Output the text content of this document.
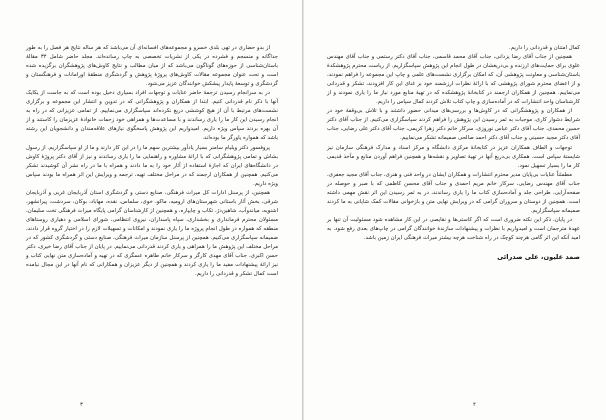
از بدو حضاری در تهی بلدی خسرو و مجموعه‌های افسانه‌ای آن می‌باشد که هر ساله نتایج هر فصل را به طور جداگانه و منسجم و فشرده در یکی از نشریات تخصصی به چاپ رسانده‌اند. مجلد حاضر شامل ۳۴ مقالهٔ باستان‌شناسی از حوزه‌های گوناگون می‌باشد که از میان مطالب و نتایج کاوش‌های پژوهشگران برگزیده شده است و تحت عنوان مجموعه مقالات کاوش‌های پروژهٔ پژوهش و گردشگری منطقهٔ اورامانات و فرهنگستان و گردشگری و توسعهٔ پایدار پیشکش خوانندگان عزیز می‌شود.

در به سرانجام رسیدن ترجمهٔ حاضر عنایات و توجهات افراد بسیاری دخیل بوده است که به جاست از یکایک آنها با ذکر نام قدردانی کنیم. ابتدا از همکاران و پژوهشگرانی که در تدوین و انتشار این مجموعه و برگزاری نشست‌های مرتبط با آن از هیچ کوششی دریغ نکرده‌اند سپاسگزاری می‌نماییم. از تمامی عزیزانی که در راه به انجام رسیدن این کار ما را یاری رساندند و با مساعدت‌ها و همراهی خود زحمات خانوادهٔ عزیزمان را کاستند و از آن بهره بردند سپاس ویژه داریم. امیدواریم این پژوهش پاسخگوی نیازهای علاقه‌مندان و دانشجویان این رشته باشد که همواره یاورگر ما بوده‌اند.

پروفسور دکتر ویلیام سامنر بسیار یادآور بیشترین سهم ما را در این کار دارند و ما از او سپاسگزاریم. از رسول بشاش و تمامی پژوهشگرانی که با ارائهٔ مشاوره و راهنمایی ما را یاری رساندند و نیز از آقای دکتر پروژهٔ کاوش در دانشگاه‌های ایران که اجازهٔ استفاده از آثار خود را به ما دادند و همراه با ما در راه نشر آن کوشیدند تشکر می‌کنیم. همچنین از همکاران ارجمند که در مراحل مختلف تهیه، ترجمه و ویرایش این اثر همراه ما بودند سپاس ویژه داریم.

همچنین، از پرسنل ادارات کل میراث فرهنگی، صنایع دستی و گردشگری استان آذربایجان غربی و آذربایجان شرقی، بخش آثار باستانی شهرستان‌های ارومیه، ماکو، خوی، سلماس، نقده، مهاباد، بوکان، سردشت، پیرانشهر، اشنویه، میاندوآب، شاهین‌دژ، تکاب و چایپاره، و همچنین از کارشناسان گرامی پایگاه میراث فرهنگی تخت سلیمان، مسئولان محترم فرمانداری و بخشداری، سپاه پاسداران، نیروی انتظامی، شورای اسلامی و دهیاری روستاهای منطقه که همواره در طول انجام پروژه ما را یاری نمودند و امکانات و تسهیلات لازم را در اختیار گروه قرار دادند، صمیمانه سپاسگزاری می‌کنیم. همچنین از پرسنل سازمان میراث فرهنگی، صنایع دستی و گردشگری کشور که در مراحل مختلف این پژوهش ما را همراهی و یاری کردند قدردانی می‌نماییم. در پایان از جناب آقای رضا خیری، دکتر حسن اکبری، جناب آقای مهدی کارگر و سرکار خانم طاهره عسگری که در تهیه و آماده‌سازی متن نهایی کتاب و نیز ارائهٔ پیشنهادات مفید ما را یاری کردند و همچنین از دیگر عزیزان و همکارانی که نام آنها در این مجال نیامده است کمال تشکر و قدردانی را داریم.

۳

کمال امتنان و قدردانی را داریم.

همچنین از جناب آقای رضا یزدانی، جناب آقای محمد قاسمی، جناب آقای دکتر رستمی و جناب آقای مهندس علوی برای حمایت‌های ارزنده و بی‌دریغشان در طول انجام این پژوهش سپاسگزاریم. از ریاست محترم پژوهشکدهٔ باستان‌شناسی و معاونت پژوهشی آن، که امکان برگزاری نشست‌های علمی و چاپ این مجموعه را فراهم نمودند، و از اعضای محترم شورای پژوهشی که با ارائهٔ نظرات ارزشمند خود بر غنای این کار افزودند، تشکر و قدردانی می‌نماییم. همچنین از همکاران ارجمند در کتابخانهٔ پژوهشکده که در تهیهٔ منابع مورد نیاز ما را یاری نمودند و از کارشناسان واحد انتشارات که در آماده‌سازی و چاپ کتاب تلاش کردند کمال سپاس را داریم.

از همکاران و پژوهشگرانی که در کاوش‌ها و بررسی‌های میدانی حضور داشتند و با تلاش بی‌وقفهٔ خود در شرایط دشوار کاری، موجبات به ثمر رسیدن این پژوهش را فراهم کردند سپاسگزاری می‌کنیم. از جناب آقای دکتر حسین محمدی، جناب آقای دکتر عباس نوروزی، سرکار خانم دکتر زهرا کریمی، جناب آقای دکتر علی رضایی، جناب آقای دکتر مجید حسینی و جناب آقای دکتر احمد صالحی صمیمانه تشکر می‌نماییم.

توجهات و الطاف همکاران عزیز در کتابخانهٔ مرکزی دانشگاه و مرکز اسناد و مدارک فرهنگی سازمان نیز شایستهٔ سپاس است. همکاری بی‌دریغ آنها در تهیهٔ تصاویر و نقشه‌ها و همچنین فراهم آوردن منابع و مآخذ قدیمی کار ما را بسیار تسهیل نمود.

مطمئناً عنایات بی‌پایان مدیر محترم انتشارات و همکاران ایشان در واحد فنی و هنری، جناب آقای مجید جعفری، جناب آقای مهندس رضایی، سرکار خانم مریم احمدی و جناب آقای محسن کاظمی که با صبر و حوصله در صفحه‌آرایی، طراحی جلد و آماده‌سازی کتاب ما را یاری رساندند، در به ثمر رسیدن این اثر نقش مهمی داشته است. همچنین از دوستان و سروران گرامی که در ویرایش نهایی متن و بازخوانی مقالات کمک شایانی به ما کردند صمیمانه سپاسگزاریم.

در پایان، ذکر این نکته ضروری است که اگر کاستی‌ها و نقایصی در این کار مشاهده شود مسئولیت آن تنها بر عهدهٔ مترجمان است و امیدواریم با نظرات و پیشنهادات سازندهٔ خوانندگان گرامی در چاپ‌های بعدی رفع شود. به امید آنکه این اثر گامی هرچند کوچک در راه شناخت هرچه بیشتر میراث فرهنگی ایران زمین باشد.

صمد علیون، علی صدرائی
۴
